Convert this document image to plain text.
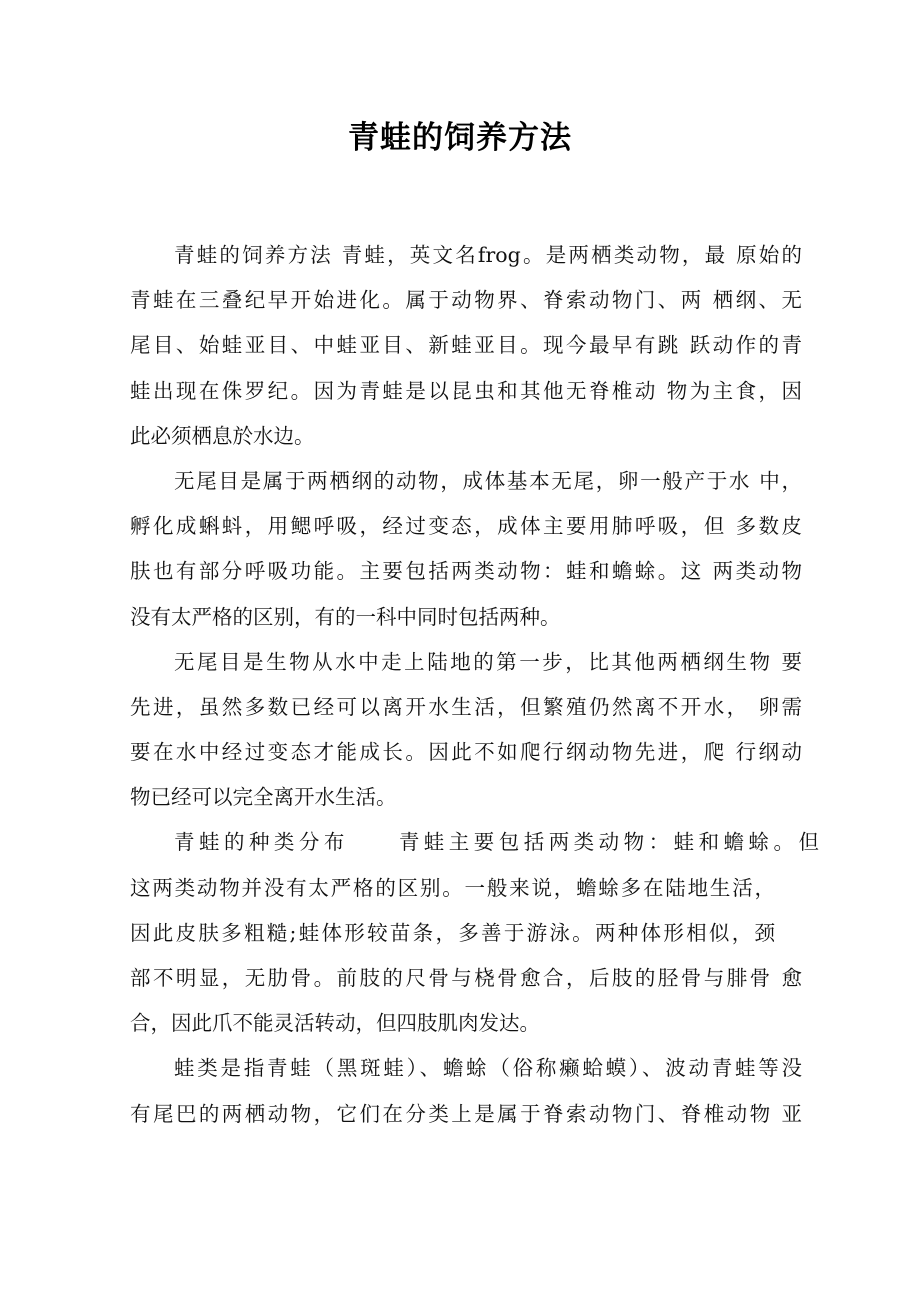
青蛙的饲养方法
青蛙的饲养方法 青蛙，英文名frog。是两栖类动物，最 原始的
青蛙在三叠纪早开始进化。属于动物界、脊索动物门、两 栖纲、无
尾目、始蛙亚目、中蛙亚目、新蛙亚目。现今最早有跳 跃动作的青
蛙出现在侏罗纪。因为青蛙是以昆虫和其他无脊椎动 物为主食，因
此必须栖息於水边。
无尾目是属于两栖纲的动物，成体基本无尾，卵一般产于水 中，
孵化成蝌蚪，用鳃呼吸，经过变态，成体主要用肺呼吸，但 多数皮
肤也有部分呼吸功能。主要包括两类动物：蛙和蟾蜍。这 两类动物
没有太严格的区别，有的一科中同时包括两种。
无尾目是生物从水中走上陆地的第一步，比其他两栖纲生物 要
先进，虽然多数已经可以离开水生活，但繁殖仍然离不开水， 卵需
要在水中经过变态才能成长。因此不如爬行纲动物先进，爬 行纲动
物已经可以完全离开水生活。
青蛙的种类分布　　青蛙主要包括两类动物：蛙和蟾蜍。但
这两类动物并没有太严格的区别。一般来说，蟾蜍多在陆地生活，
因此皮肤多粗糙;蛙体形较苗条，多善于游泳。两种体形相似，颈
部不明显，无肋骨。前肢的尺骨与桡骨愈合，后肢的胫骨与腓骨 愈
合，因此爪不能灵活转动，但四肢肌肉发达。
蛙类是指青蛙（黑斑蛙）、蟾蜍（俗称癞蛤蟆）、波动青蛙等没
有尾巴的两栖动物，它们在分类上是属于脊索动物门、脊椎动物 亚
